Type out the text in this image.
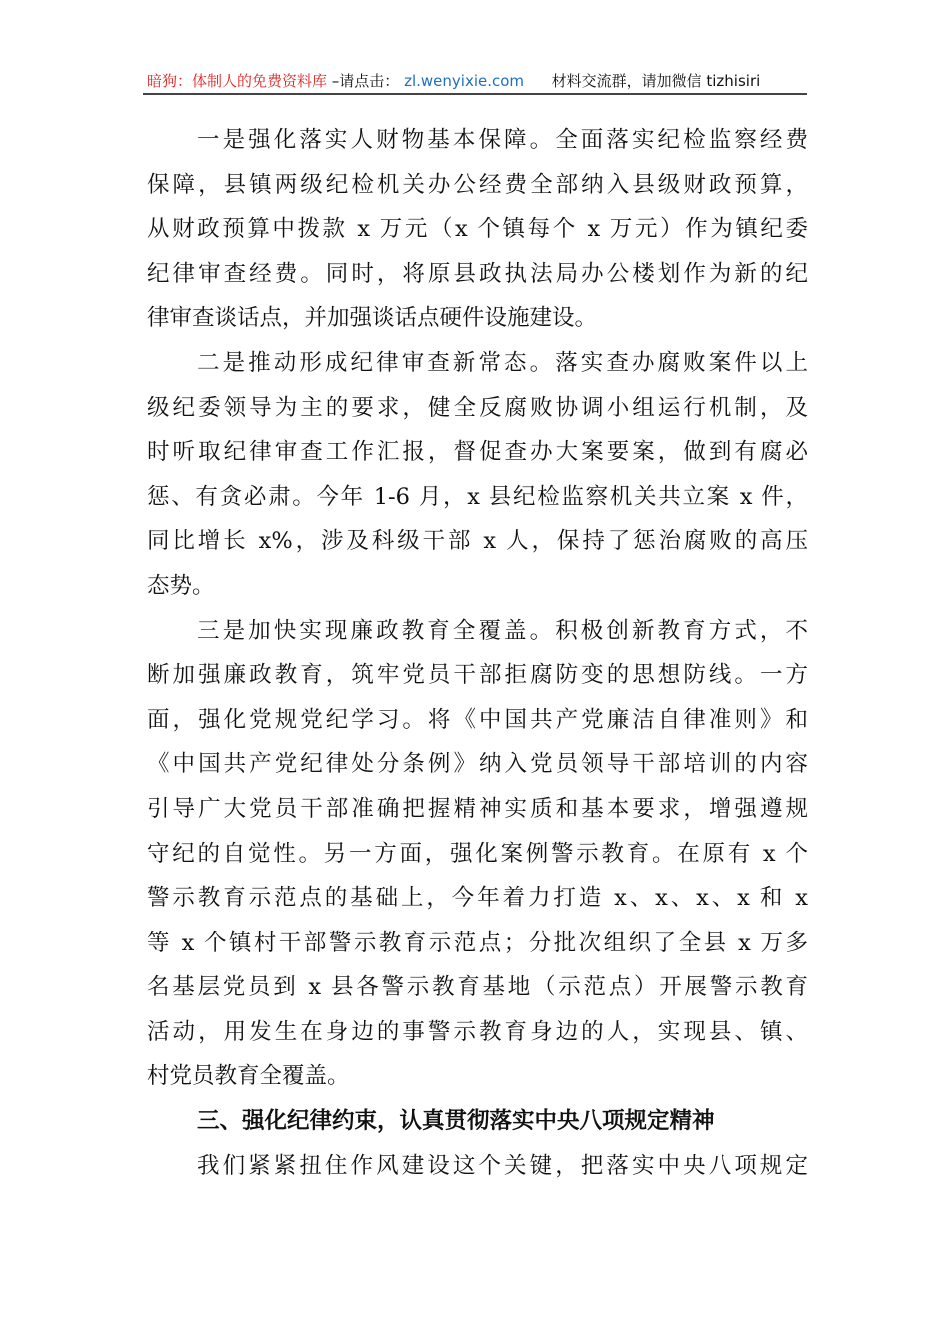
暗狗：体制人的免费资料库 –请点击： zl.wenyixie.com 材料交流群，请加微信 tizhisiri
一是强化落实人财物基本保障。全面落实纪检监察经费
保障，县镇两级纪检机关办公经费全部纳入县级财政预算，
从财政预算中拨款 x 万元（x 个镇每个 x 万元）作为镇纪委
纪律审查经费。同时，将原县政执法局办公楼划作为新的纪
律审查谈话点，并加强谈话点硬件设施建设。
二是推动形成纪律审查新常态。落实查办腐败案件以上
级纪委领导为主的要求，健全反腐败协调小组运行机制，及
时听取纪律审查工作汇报，督促查办大案要案，做到有腐必
惩、有贪必肃。今年 1-6 月，x 县纪检监察机关共立案 x 件，
同比增长 x%，涉及科级干部 x 人，保持了惩治腐败的高压
态势。
三是加快实现廉政教育全覆盖。积极创新教育方式，不
断加强廉政教育，筑牢党员干部拒腐防变的思想防线。一方
面，强化党规党纪学习。将《中国共产党廉洁自律准则》和
《中国共产党纪律处分条例》纳入党员领导干部培训的内容
引导广大党员干部准确把握精神实质和基本要求，增强遵规
守纪的自觉性。另一方面，强化案例警示教育。在原有 x 个
警示教育示范点的基础上，今年着力打造 x、x、x、x 和 x
等 x 个镇村干部警示教育示范点；分批次组织了全县 x 万多
名基层党员到 x 县各警示教育基地（示范点）开展警示教育
活动，用发生在身边的事警示教育身边的人，实现县、镇、
村党员教育全覆盖。
三、强化纪律约束，认真贯彻落实中央八项规定精神
我们紧紧扭住作风建设这个关键，把落实中央八项规定
